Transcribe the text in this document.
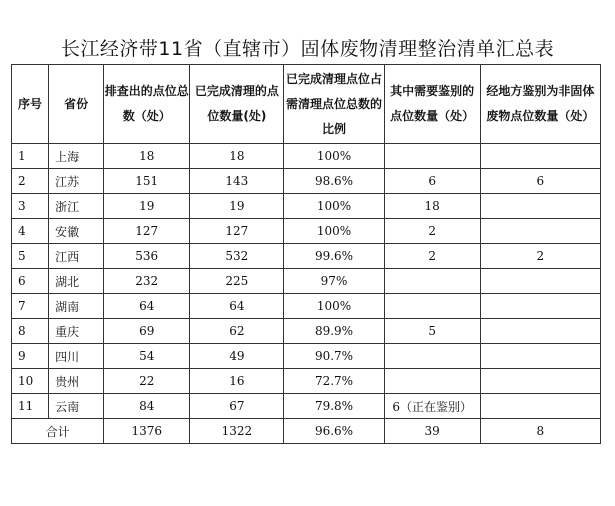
长江经济带11省（直辖市）固体废物清理整治清单汇总表
序号	省份	排查出的点位总数（处）	已完成清理的点位数量(处)	已完成清理点位占需清理点位总数的比例	其中需要鉴别的点位数量（处）	经地方鉴别为非固体废物点位数量（处）
1	上海	18	18	100%		
2	江苏	151	143	98.6%	6	6
3	浙江	19	19	100%	18	
4	安徽	127	127	100%	2	
5	江西	536	532	99.6%	2	2
6	湖北	232	225	97%		
7	湖南	64	64	100%		
8	重庆	69	62	89.9%	5	
9	四川	54	49	90.7%		
10	贵州	22	16	72.7%		
11	云南	84	67	79.8%	6（正在鉴别）	
合计		1376	1322	96.6%	39	8
